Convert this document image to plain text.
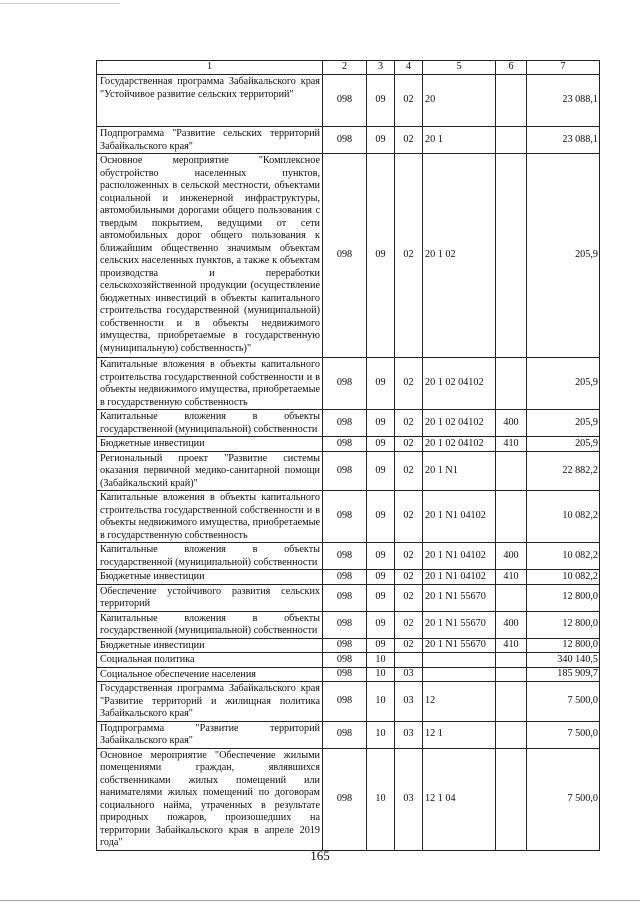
1	2	3	4	5	6	7
Государственная программа Забайкальского края "Устойчивое развитие сельских территорий"	098	09	02	20		23 088,1
Подпрограмма "Развитие сельских территорий Забайкальского края"	098	09	02	20 1		23 088,1
Основное мероприятие "Комплексное обустройство населенных пунктов, расположенных в сельской местности, объектами социальной и инженерной инфраструктуры, автомобильными дорогами общего пользования с твердым покрытием, ведущими от сети автомобильных дорог общего пользования к ближайшим общественно значимым объектам сельских населенных пунктов, а также к объектам производства и переработки сельскохозяйственной продукции (осуществление бюджетных инвестиций в объекты капитального строительства государственной (муниципальной) собственности и в объекты недвижимого имущества, приобретаемые в государственную (муниципальную) собственность)"	098	09	02	20 1 02		205,9
Капитальные вложения в объекты капитального строительства государственной собственности и в объекты недвижимого имущества, приобретаемые в государственную собственность	098	09	02	20 1 02 04102		205,9
Капитальные вложения в объекты государственной (муниципальной) собственности	098	09	02	20 1 02 04102	400	205,9
Бюджетные инвестиции	098	09	02	20 1 02 04102	410	205,9
Региональный проект "Развитие системы оказания первичной медико-санитарной помощи (Забайкальский край)"	098	09	02	20 1 N1		22 882,2
Капитальные вложения в объекты капитального строительства государственной собственности и в объекты недвижимого имущества, приобретаемые в государственную собственность	098	09	02	20 1 N1 04102		10 082,2
Капитальные вложения в объекты государственной (муниципальной) собственности	098	09	02	20 1 N1 04102	400	10 082,2
Бюджетные инвестиции	098	09	02	20 1 N1 04102	410	10 082,2
Обеспечение устойчивого развития сельских территорий	098	09	02	20 1 N1 55670		12 800,0
Капитальные вложения в объекты государственной (муниципальной) собственности	098	09	02	20 1 N1 55670	400	12 800,0
Бюджетные инвестиции	098	09	02	20 1 N1 55670	410	12 800,0
Социальная политика	098	10				340 140,5
Социальное обеспечение населения	098	10	03			185 909,7
Государственная программа Забайкальского края "Развитие территорий и жилищная политика Забайкальского края"	098	10	03	12		7 500,0
Подпрограмма "Развитие территорий Забайкальского края"	098	10	03	12 1		7 500,0
Основное мероприятие "Обеспечение жилыми помещениями граждан, являвшихся собственниками жилых помещений или нанимателями жилых помещений по договорам социального найма, утраченных в результате природных пожаров, произошедших на территории Забайкальского края в апреле 2019 года"	098	10	03	12 1 04		7 500,0
165
